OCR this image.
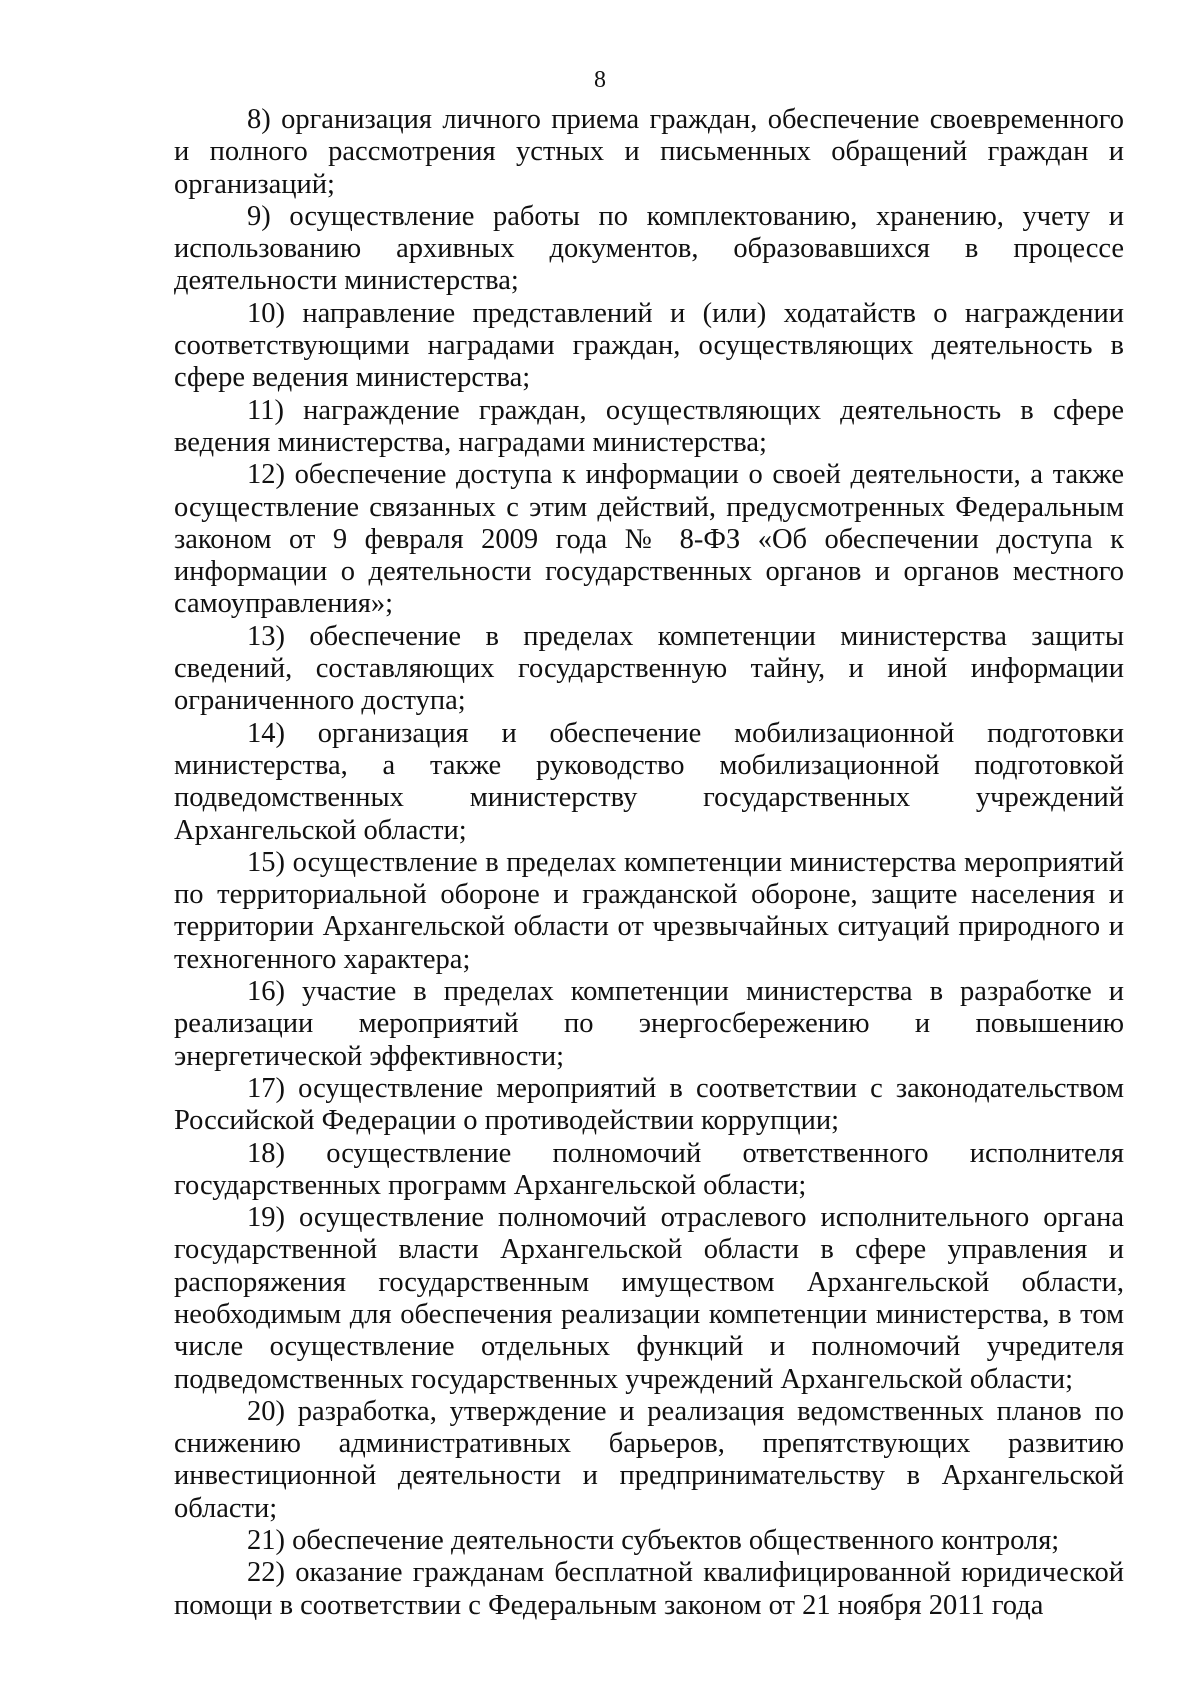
8

8) организация личного приема граждан, обеспечение своевременного и полного рассмотрения устных и письменных обращений граждан и организаций;

9) осуществление работы по комплектованию, хранению, учету и использованию архивных документов, образовавшихся в процессе деятельности министерства;

10) направление представлений и (или) ходатайств о награждении соответствующими наградами граждан, осуществляющих деятельность в сфере ведения министерства;

11) награждение граждан, осуществляющих деятельность в сфере ведения министерства, наградами министерства;

12) обеспечение доступа к информации о своей деятельности, а также осуществление связанных с этим действий, предусмотренных Федеральным законом от 9 февраля 2009 года № 8-ФЗ «Об обеспечении доступа к информации о деятельности государственных органов и органов местного самоуправления»;

13) обеспечение в пределах компетенции министерства защиты сведений, составляющих государственную тайну, и иной информации ограниченного доступа;

14) организация и обеспечение мобилизационной подготовки министерства, а также руководство мобилизационной подготовкой подведомственных министерству государственных учреждений Архангельской области;

15) осуществление в пределах компетенции министерства мероприятий по территориальной обороне и гражданской обороне, защите населения и территории Архангельской области от чрезвычайных ситуаций природного и техногенного характера;

16) участие в пределах компетенции министерства в разработке и реализации мероприятий по энергосбережению и повышению энергетической эффективности;

17) осуществление мероприятий в соответствии с законодательством Российской Федерации о противодействии коррупции;

18) осуществление полномочий ответственного исполнителя государственных программ Архангельской области;

19) осуществление полномочий отраслевого исполнительного органа государственной власти Архангельской области в сфере управления и распоряжения государственным имуществом Архангельской области, необходимым для обеспечения реализации компетенции министерства, в том числе осуществление отдельных функций и полномочий учредителя подведомственных государственных учреждений Архангельской области;

20) разработка, утверждение и реализация ведомственных планов по снижению административных барьеров, препятствующих развитию инвестиционной деятельности и предпринимательству в Архангельской области;

21) обеспечение деятельности субъектов общественного контроля;

22) оказание гражданам бесплатной квалифицированной юридической помощи в соответствии с Федеральным законом от 21 ноября 2011 года
